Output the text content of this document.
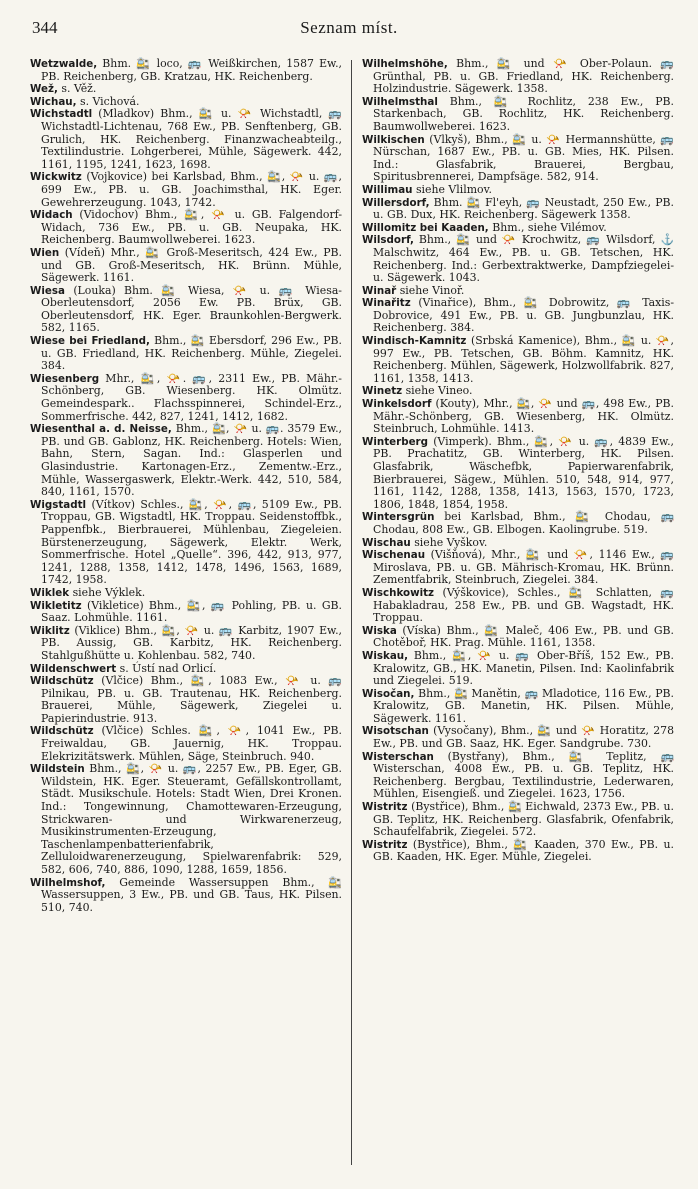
344	Seznam míst.

Wetzwalde, Bhm. 🚉 loco, 🚌 Weißkirchen, 1587 Ew., PB. Reichenberg, GB. Kratzau, HK. Reichenberg.

Wež, s. Věž.

Wichau, s. Vichová.

Wichstadtl (Mladkov) Bhm., 🚉 u. 📯 Wichstadtl, 🚌 Wichstadtl-Lichtenau, 768 Ew., PB. Senftenberg, GB. Grulich, HK. Reichenberg. Finanzwacheabteilg., Textilindustrie. Lohgerberei, Mühle, Sägewerk. 442, 1161, 1195, 1241, 1623, 1698.

Wickwitz (Vojkovice) bei Karlsbad, Bhm., 🚉, 📯 u. 🚌, 699 Ew., PB. u. GB. Joachimsthal, HK. Eger. Gewehrerzeugung. 1043, 1742.

Widach (Vidochov) Bhm., 🚉, 📯 u. GB. Falgendorf-Widach, 736 Ew., PB. u. GB. Neupaka, HK. Reichenberg. Baumwollweberei. 1623.

Wien (Vídeň) Mhr., 🚉 Groß-Meseritsch, 424 Ew., PB. und GB. Groß-Meseritsch, HK. Brünn. Mühle, Sägewerk. 1161.

Wiesa (Louka) Bhm. 🚉 Wiesa, 📯 u. 🚌 Wiesa-Oberleutensdorf, 2056 Ew. PB. Brüx, GB. Oberleutensdorf, HK. Eger. Braunkohlen-Bergwerk. 582, 1165.

Wiese bei Friedland, Bhm., 🚉 Ebersdorf, 296 Ew., PB. u. GB. Friedland, HK. Reichenberg. Mühle, Ziegelei. 384.

Wiesenberg Mhr., 🚉, 📯. 🚌, 2311 Ew., PB. Mähr.-Schönberg, GB. Wiesenberg. HK. Olmütz. Gemeindespark.. Flachsspinnerei, Schindel-Erz., Sommerfrische. 442, 827, 1241, 1412, 1682.

Wiesenthal a. d. Neisse, Bhm., 🚉, 📯 u. 🚌. 3579 Ew., PB. und GB. Gablonz, HK. Reichenberg. Hotels: Wien, Bahn, Stern, Sagan. Ind.: Glasperlen und Glasindustrie. Kartonagen-Erz., Zementw.-Erz., Mühle, Wassergaswerk, Elektr.-Werk. 442, 510, 584, 840, 1161, 1570.

Wigstadtl (Vítkov) Schles., 🚉, 📯, 🚌, 5109 Ew., PB. Troppau, GB. Wigstadtl, HK. Troppau. Seidenstoffbk., Pappenfbk., Bierbrauerei, Mühlenbau, Ziegeleien. Bürstenerzeugung, Sägewerk, Elektr. Werk, Sommerfrische. Hotel „Quelle“. 396, 442, 913, 977, 1241, 1288, 1358, 1412, 1478, 1496, 1563, 1689, 1742, 1958.

Wiklek siehe Výklek.

Wikletitz (Vikletice) Bhm., 🚉, 🚌 Pohling, PB. u. GB. Saaz. Lohmühle. 1161.

Wiklitz (Viklice) Bhm., 🚉, 📯 u. 🚌 Karbitz, 1907 Ew., PB. Aussig, GB. Karbitz, HK. Reichenberg. Stahlgußhütte u. Kohlenbau. 582, 740.

Wildenschwert s. Ústí nad Orlicí.

Wildschütz (Vlčice) Bhm., 🚉, 1083 Ew., 📯 u. 🚌 Pilnikau, PB. u. GB. Trautenau, HK. Reichenberg. Brauerei, Mühle, Sägewerk, Ziegelei u. Papierindustrie. 913.

Wildschütz (Vlčice) Schles. 🚉, 📯, 1041 Ew., PB. Freiwaldau, GB. Jauernig, HK. Troppau. Elekrizitätswerk. Mühlen, Säge, Steinbruch. 940.

Wildstein Bhm., 🚉, 📯 u. 🚌, 2257 Ew., PB. Eger, GB. Wildstein, HK. Eger. Steueramt, Gefällskontrollamt, Städt. Musikschule. Hotels: Stadt Wien, Drei Kronen. Ind.: Tongewinnung, Chamottewaren-Erzeugung, Strickwaren- und Wirkwarenerzeug, Musikinstrumenten-Erzeugung, Taschenlampenbatterienfabrik, Zelluloidwarenerzeugung, Spielwarenfabrik: 529, 582, 606, 740, 886, 1090, 1288, 1659, 1856.

Wilhelmshof, Gemeinde Wassersuppen Bhm., 🚉 Wassersuppen, 3 Ew., PB. und GB. Taus, HK. Pilsen. 510, 740.

Wilhelmshöhe, Bhm., 🚉 und 📯 Ober-Polaun. 🚌 Grünthal, PB. u. GB. Friedland, HK. Reichenberg. Holzindustrie. Sägewerk. 1358.

Wilhelmsthal Bhm., 🚉 Rochlitz, 238 Ew., PB. Starkenbach, GB. Rochlitz, HK. Reichenberg. Baumwollweberei. 1623.

Wilkischen (Vlkyš), Bhm., 🚉 u. 📯 Hermannshütte, 🚌 Nürschan, 1687 Ew., PB. u. GB. Mies, HK. Pilsen. Ind.: Glasfabrik, Brauerei, Bergbau, Spiritusbrennerei, Dampfsäge. 582, 914.

Willimau siehe Vlilmov.

Willersdorf, Bhm. 🚉 Fl'eyh, 🚌 Neustadt, 250 Ew., PB. u. GB. Dux, HK. Reichenberg. Sägewerk 1358.

Willomitz bei Kaaden, Bhm., siehe Vilémov.

Wilsdorf, Bhm., 🚉 und 📯 Krochwitz, 🚌 Wilsdorf, ⚓ Malschwitz, 464 Ew., PB. u. GB. Tetschen, HK. Reichenberg. Ind.: Gerbextraktwerke, Dampfziegelei- u. Sägewerk. 1043.

Winař siehe Vinoř.

Winařitz (Vinařice), Bhm., 🚉 Dobrowitz, 🚌 Taxis-Dobrovice, 491 Ew., PB. u. GB. Jungbunzlau, HK. Reichenberg. 384.

Windisch-Kamnitz (Srbská Kamenice), Bhm., 🚉 u. 📯, 997 Ew., PB. Tetschen, GB. Böhm. Kamnitz, HK. Reichenberg. Mühlen, Sägewerk, Holzwollfabrik. 827, 1161, 1358, 1413.

Winetz siehe Vineo.

Winkelsdorf (Kouty), Mhr., 🚉, 📯 und 🚌, 498 Ew., PB. Mähr.-Schönberg, GB. Wiesenberg, HK. Olmütz. Steinbruch, Lohmühle. 1413.

Winterberg (Vimperk). Bhm., 🚉, 📯 u. 🚌, 4839 Ew., PB. Prachatitz, GB. Winterberg, HK. Pilsen. Glasfabrik, Wäschefbk, Papierwarenfabrik, Bierbrauerei, Sägew., Mühlen. 510, 548, 914, 977, 1161, 1142, 1288, 1358, 1413, 1563, 1570, 1723, 1806, 1848, 1854, 1958.

Wintersgrün bei Karlsbad, Bhm., 🚉 Chodau, 🚌 Chodau, 808 Ew., GB. Elbogen. Kaolingrube. 519.

Wischau siehe Vyškov.

Wischenau (Višňová), Mhr., 🚉 und 📯, 1146 Ew., 🚌 Miroslava, PB. u. GB. Mährisch-Kromau, HK. Brünn. Zementfabrik, Steinbruch, Ziegelei. 384.

Wischkowitz (Výškovice), Schles., 🚉 Schlatten, 🚌 Habakladrau, 258 Ew., PB. und GB. Wagstadt, HK. Troppau.

Wiska (Víska) Bhm., 🚉 Maleč, 406 Ew., PB. und GB. Chotěboř, HK. Prag. Mühle. 1161, 1358.

Wiskau, Bhm., 🚉, 📯 u. 🚌 Ober-Bříš, 152 Ew., PB. Kralowitz, GB., HK. Manetin, Pilsen. Ind: Kaolinfabrik und Ziegelei. 519.

Wisočan, Bhm., 🚉 Manětin, 🚌 Mladotice, 116 Ew., PB. Kralowitz, GB. Manetin, HK. Pilsen. Mühle, Sägewerk. 1161.

Wisotschan (Vysočany), Bhm., 🚉 und 📯 Horatitz, 278 Ew., PB. und GB. Saaz, HK. Eger. Sandgrube. 730.

Wisterschan (Bystřany), Bhm., 🚉 Teplitz, 🚌 Wisterschan, 4008 Ew., PB. u. GB. Teplitz, HK. Reichenberg. Bergbau, Textilindustrie, Lederwaren, Mühlen, Eisengieß. und Ziegelei. 1623, 1756.

Wistritz (Bystřice), Bhm., 🚉 Eichwald, 2373 Ew., PB. u. GB. Teplitz, HK. Reichenberg. Glasfabrik, Ofenfabrik, Schaufelfabrik, Ziegelei. 572.

Wistritz (Bystřice), Bhm., 🚉 Kaaden, 370 Ew., PB. u. GB. Kaaden, HK. Eger. Mühle, Ziegelei.
